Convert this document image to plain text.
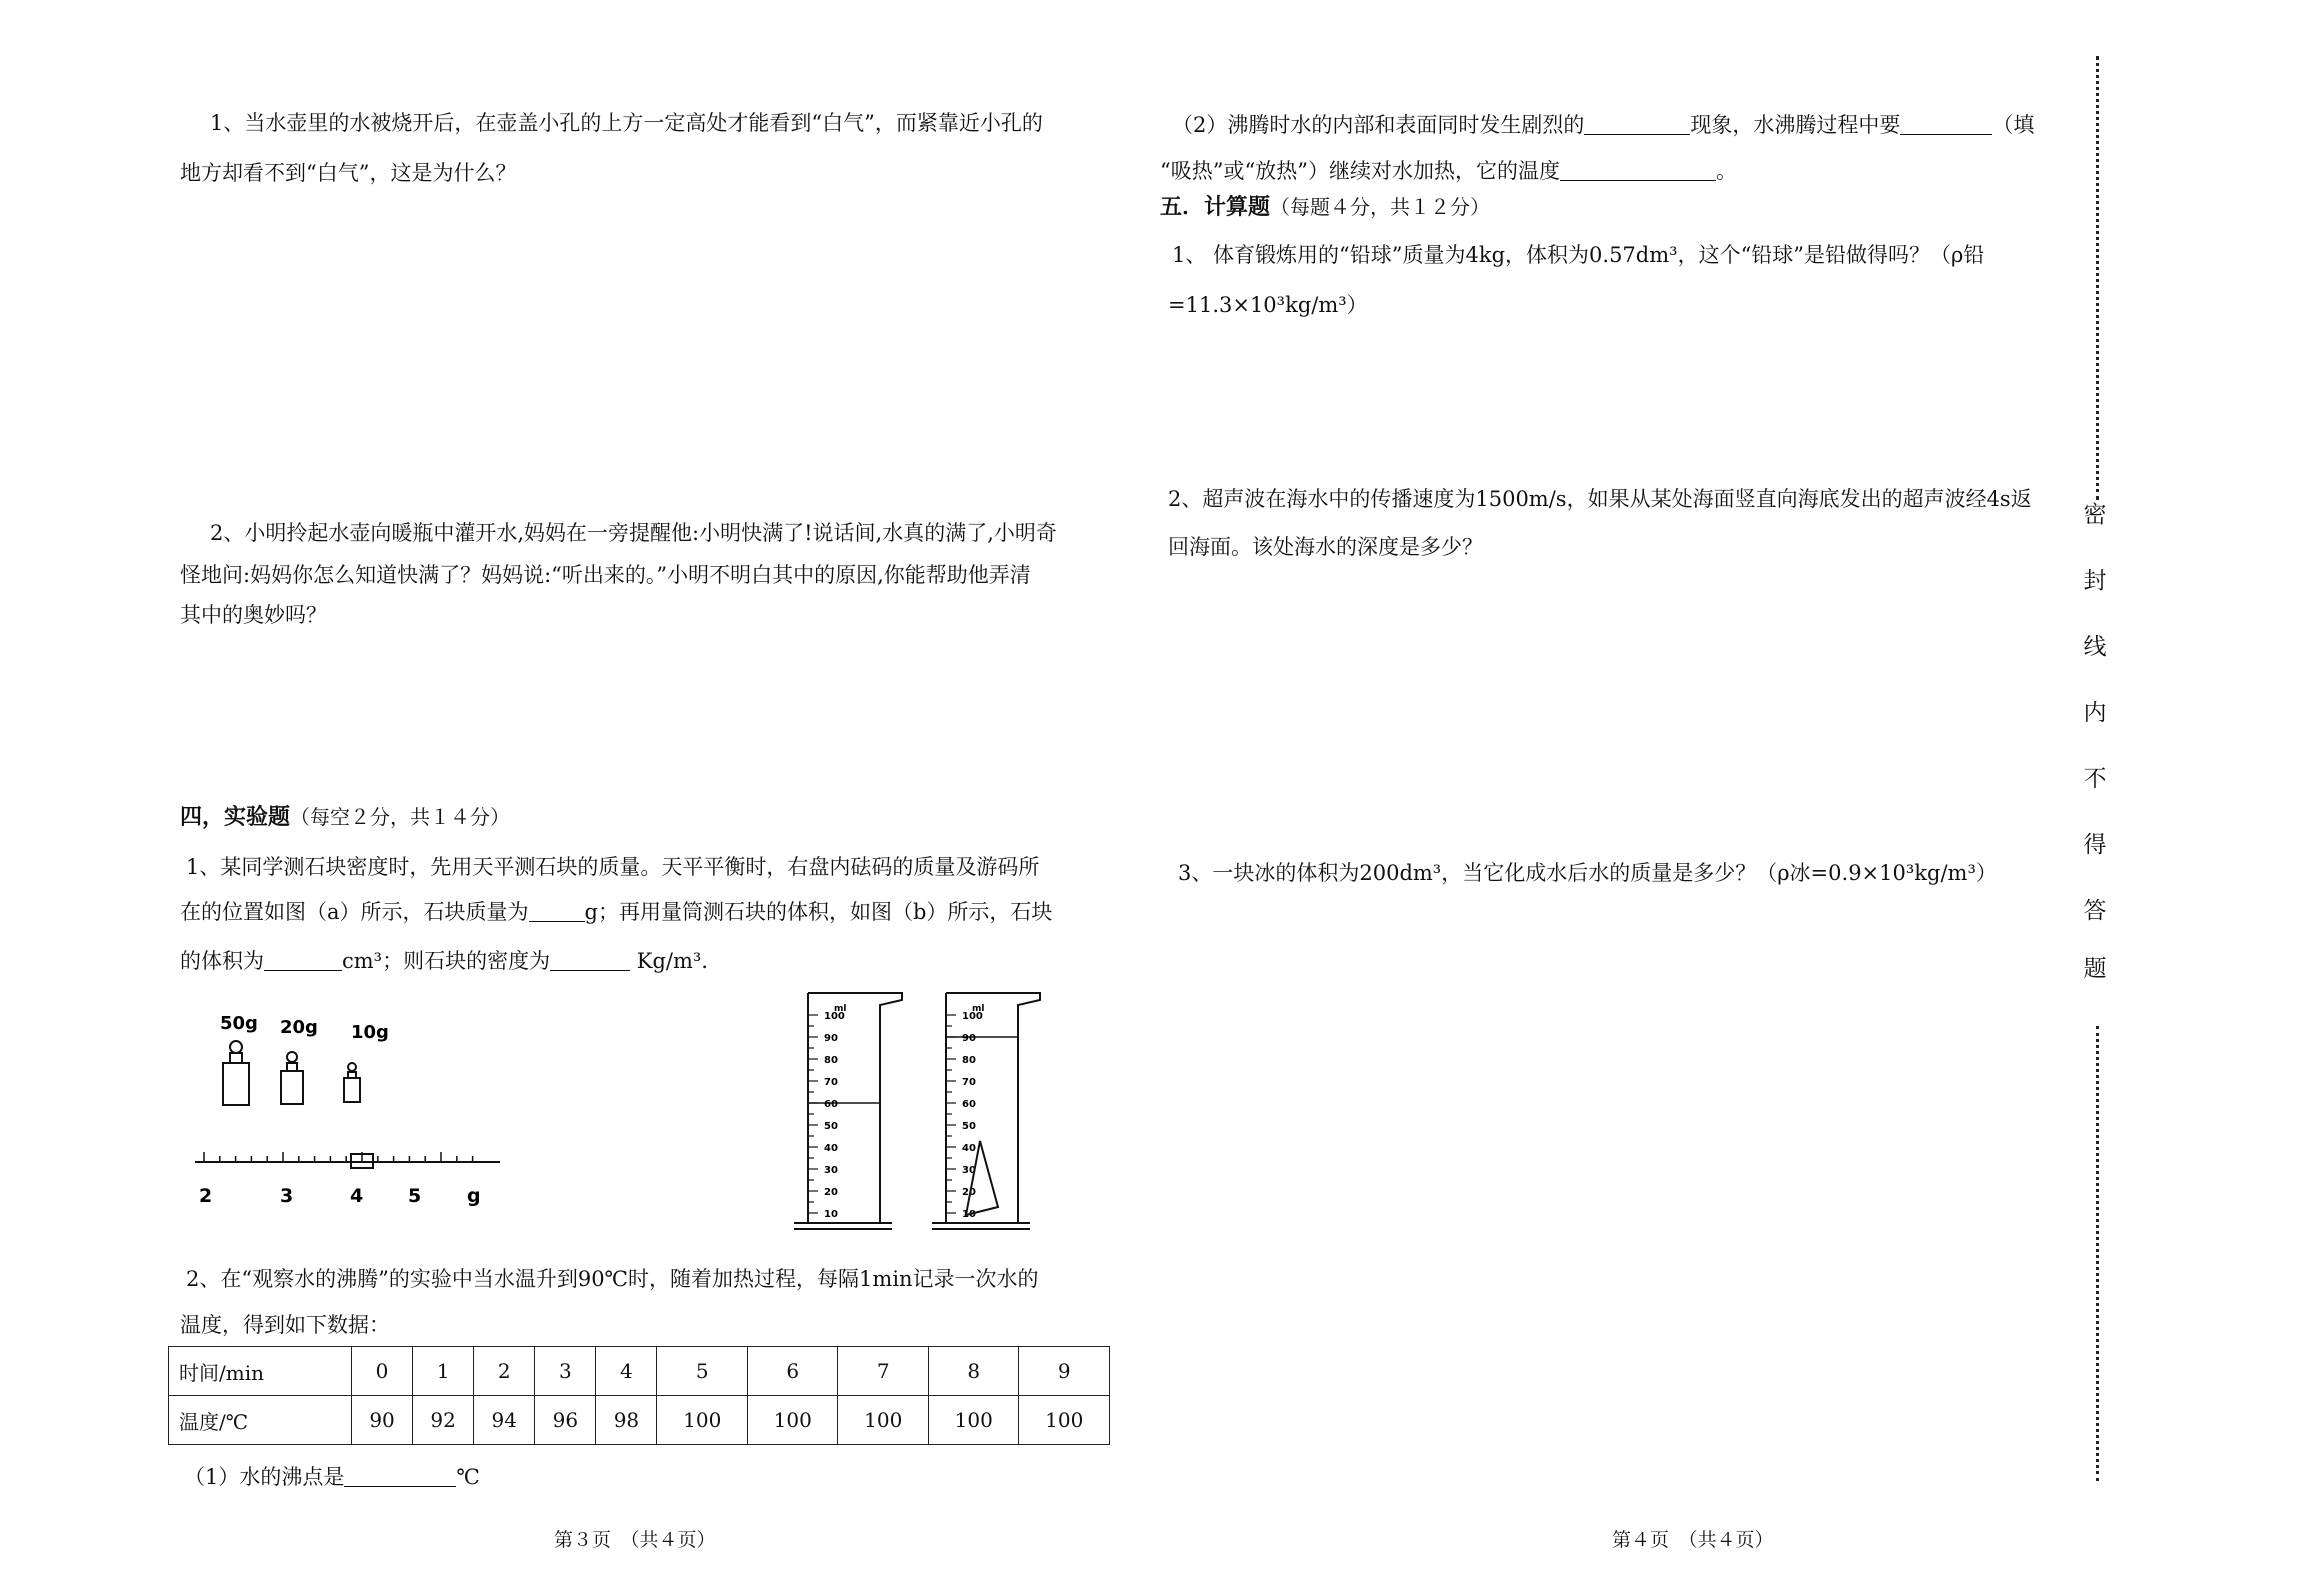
1、当水壶里的水被烧开后，在壶盖小孔的上方一定高处才能看到“白气”，而紧靠近小孔的
地方却看不到“白气”，这是为什么？
2、小明拎起水壶向暖瓶中灌开水,妈妈在一旁提醒他:小明快满了!说话间,水真的满了,小明奇
怪地问:妈妈你怎么知道快满了？妈妈说:“听出来的。”小明不明白其中的原因,你能帮助他弄清
其中的奥妙吗？
四，实验题（每空２分，共１４分）
1、某同学测石块密度时，先用天平测石块的质量。天平平衡时，右盘内砝码的质量及游码所
在的位置如图（a）所示，石块质量为	g；再用量筒测石块的体积，如图（b）所示，石块
的体积为	cm³；则石块的密度为	Kg/m³.
50g 20g 10g
2	3	4 5 g
ml
100
90
80
70
60
50
40
30
20
10
ml
100
90
80
70
60
50
40
30
20
10
2、在“观察水的沸腾”的实验中当水温升到90℃时，随着加热过程，每隔1min记录一次水的
温度，得到如下数据：
时间/min	0	1	2	3	4	5	6	7	8	9
温度/℃	90	92	94	96	98	100	100	100	100	100
（1）水的沸点是	℃
第３页　（共４页）
（2）沸腾时水的内部和表面同时发生剧烈的	现象，水沸腾过程中要	（填
“吸热”或“放热”）继续对水加热，它的温度	。
五．计算题（每题４分，共１２分）
1、 体育锻炼用的“铅球”质量为4kg，体积为0.57dm³，这个“铅球”是铅做得吗？（ρ铅
=11.3×10³kg/m³）
2、超声波在海水中的传播速度为1500m/s，如果从某处海面竖直向海底发出的超声波经4s返
回海面。该处海水的深度是多少？
3、一块冰的体积为200dm³，当它化成水后水的质量是多少？（ρ冰=0.9×10³kg/m³）
第４页　（共４页）
密
封
线
内
不
得
答
题
